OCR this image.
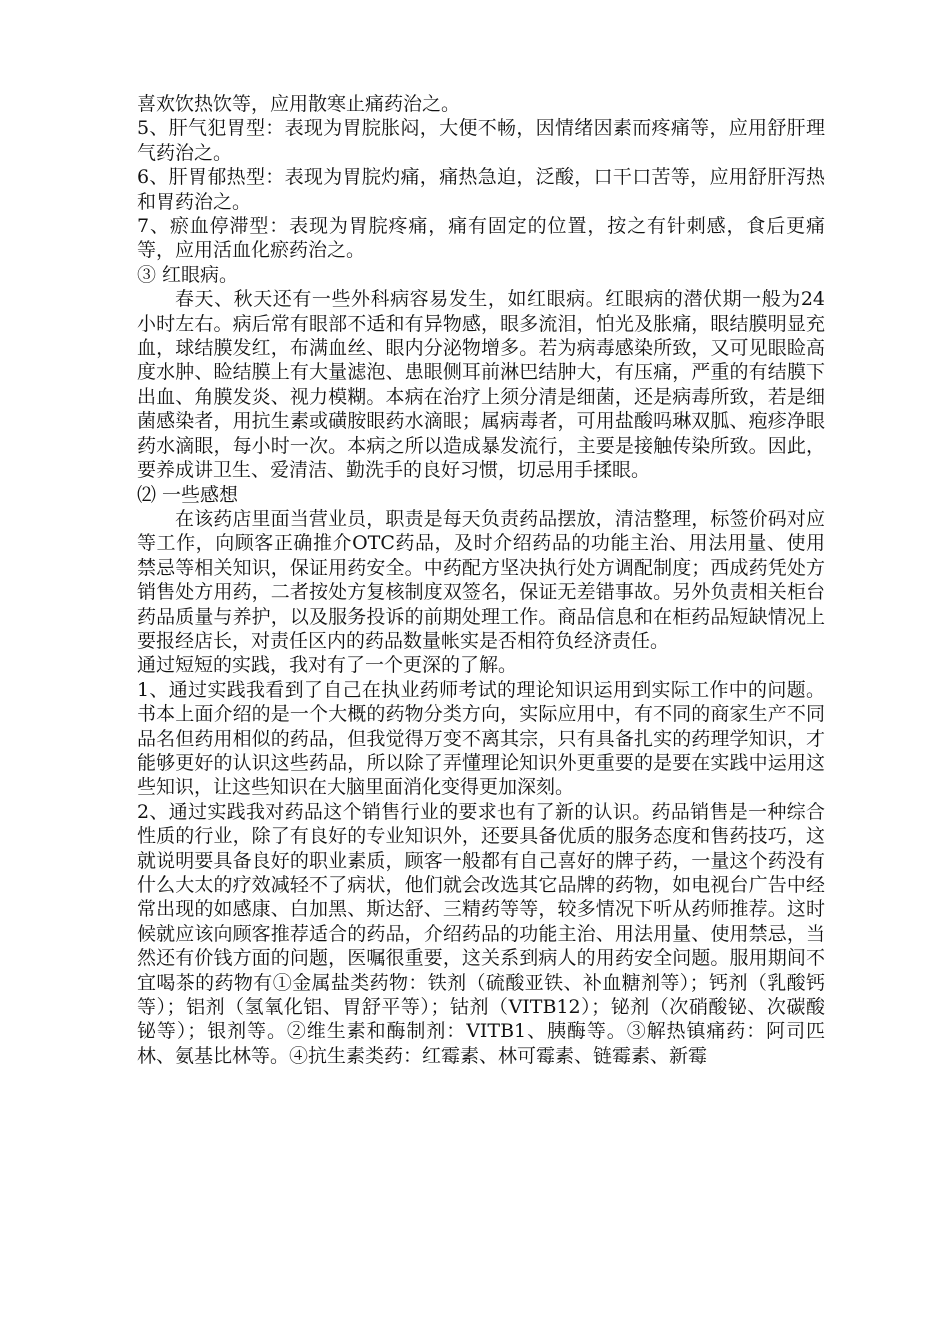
喜欢饮热饮等，应用散寒止痛药治之。

5、肝气犯胃型：表现为胃脘胀闷，大便不畅，因情绪因素而疼痛等，应用舒肝理气药治之。

6、肝胃郁热型：表现为胃脘灼痛，痛热急迫，泛酸，口干口苦等，应用舒肝泻热和胃药治之。

7、瘀血停滞型：表现为胃脘疼痛，痛有固定的位置，按之有针刺感，食后更痛等，应用活血化瘀药治之。

③ 红眼病。

春天、秋天还有一些外科病容易发生，如红眼病。红眼病的潜伏期一般为24小时左右。病后常有眼部不适和有异物感，眼多流泪，怕光及胀痛，眼结膜明显充血，球结膜发红，布满血丝、眼内分泌物增多。若为病毒感染所致，又可见眼睑高度水肿、睑结膜上有大量滤泡、患眼侧耳前淋巴结肿大，有压痛，严重的有结膜下出血、角膜发炎、视力模糊。本病在治疗上须分清是细菌，还是病毒所致，若是细菌感染者，用抗生素或磺胺眼药水滴眼；属病毒者，可用盐酸吗琳双胍、疱疹净眼药水滴眼，每小时一次。本病之所以造成暴发流行，主要是接触传染所致。因此，要养成讲卫生、爱清洁、勤洗手的良好习惯，切忌用手揉眼。

⑵ 一些感想

在该药店里面当营业员，职责是每天负责药品摆放，清洁整理，标签价码对应等工作，向顾客正确推介OTC药品，及时介绍药品的功能主治、用法用量、使用禁忌等相关知识，保证用药安全。中药配方坚决执行处方调配制度；西成药凭处方销售处方用药，二者按处方复核制度双签名，保证无差错事故。另外负责相关柜台药品质量与养护，以及服务投诉的前期处理工作。商品信息和在柜药品短缺情况上要报经店长，对责任区内的药品数量帐实是否相符负经济责任。

通过短短的实践，我对有了一个更深的了解。

1、通过实践我看到了自己在执业药师考试的理论知识运用到实际工作中的问题。书本上面介绍的是一个大概的药物分类方向，实际应用中，有不同的商家生产不同品名但药用相似的药品，但我觉得万变不离其宗，只有具备扎实的药理学知识，才能够更好的认识这些药品，所以除了弄懂理论知识外更重要的是要在实践中运用这些知识，让这些知识在大脑里面消化变得更加深刻。

2、通过实践我对药品这个销售行业的要求也有了新的认识。药品销售是一种综合性质的行业，除了有良好的专业知识外，还要具备优质的服务态度和售药技巧，这就说明要具备良好的职业素质，顾客一般都有自己喜好的牌子药，一量这个药没有什么大太的疗效减轻不了病状，他们就会改选其它品牌的药物，如电视台广告中经常出现的如感康、白加黑、斯达舒、三精药等等，较多情况下听从药师推荐。这时候就应该向顾客推荐适合的药品，介绍药品的功能主治、用法用量、使用禁忌，当然还有价钱方面的问题，医嘱很重要，这关系到病人的用药安全问题。服用期间不宜喝茶的药物有①金属盐类药物：铁剂（硫酸亚铁、补血糖剂等）；钙剂（乳酸钙等）；铝剂（氢氧化铝、胃舒平等）；钴剂（VITB12）；铋剂（次硝酸铋、次碳酸铋等）；银剂等。②维生素和酶制剂：VITB1、胰酶等。③解热镇痛药：阿司匹林、氨基比林等。④抗生素类药：红霉素、林可霉素、链霉素、新霉
